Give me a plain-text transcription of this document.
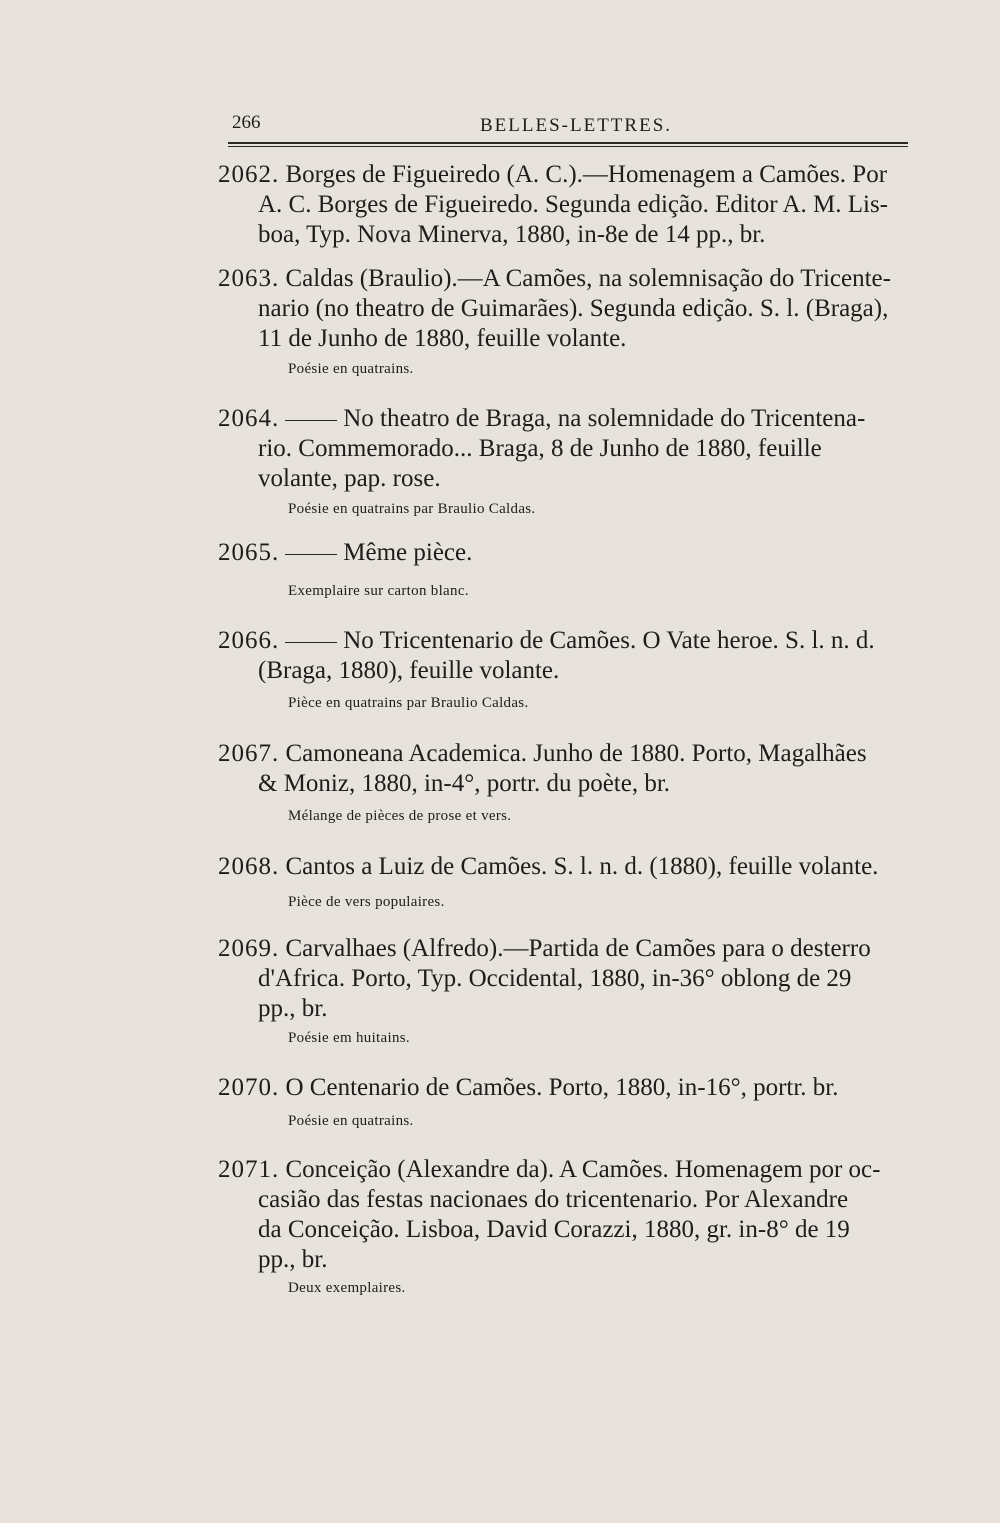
266	BELLES-LETTRES.
2062. Borges de Figueiredo (A. C.).—Homenagem a Camões. Por
A. C. Borges de Figueiredo. Segunda edição. Editor A. M. Lis-
boa, Typ. Nova Minerva, 1880, in-8e de 14 pp., br.
2063. Caldas (Braulio).—A Camões, na solemnisação do Tricente-
nario (no theatro de Guimarães). Segunda edição. S. l. (Braga),
11 de Junho de 1880, feuille volante.
Poésie en quatrains.
2064.	No theatro de Braga, na solemnidade do Tricentena-
rio. Commemorado... Braga, 8 de Junho de 1880, feuille
volante, pap. rose.
Poésie en quatrains par Braulio Caldas.
2065.	Même pièce.
Exemplaire sur carton blanc.
2066.	No Tricentenario de Camões. O Vate heroe. S. l. n. d.
(Braga, 1880), feuille volante.
Pièce en quatrains par Braulio Caldas.
2067. Camoneana Academica. Junho de 1880. Porto, Magalhães
& Moniz, 1880, in-4°, portr. du poète, br.
Mélange de pièces de prose et vers.
2068. Cantos a Luiz de Camões. S. l. n. d. (1880), feuille volante.
Pièce de vers populaires.
2069. Carvalhaes (Alfredo).—Partida de Camões para o desterro
d'Africa. Porto, Typ. Occidental, 1880, in-36° oblong de 29
pp., br.
Poésie em huitains.
2070. O Centenario de Camões. Porto, 1880, in-16°, portr. br.
Poésie en quatrains.
2071. Conceição (Alexandre da). A Camões. Homenagem por oc-
casião das festas nacionaes do tricentenario. Por Alexandre
da Conceição. Lisboa, David Corazzi, 1880, gr. in-8° de 19
pp., br.
Deux exemplaires.
